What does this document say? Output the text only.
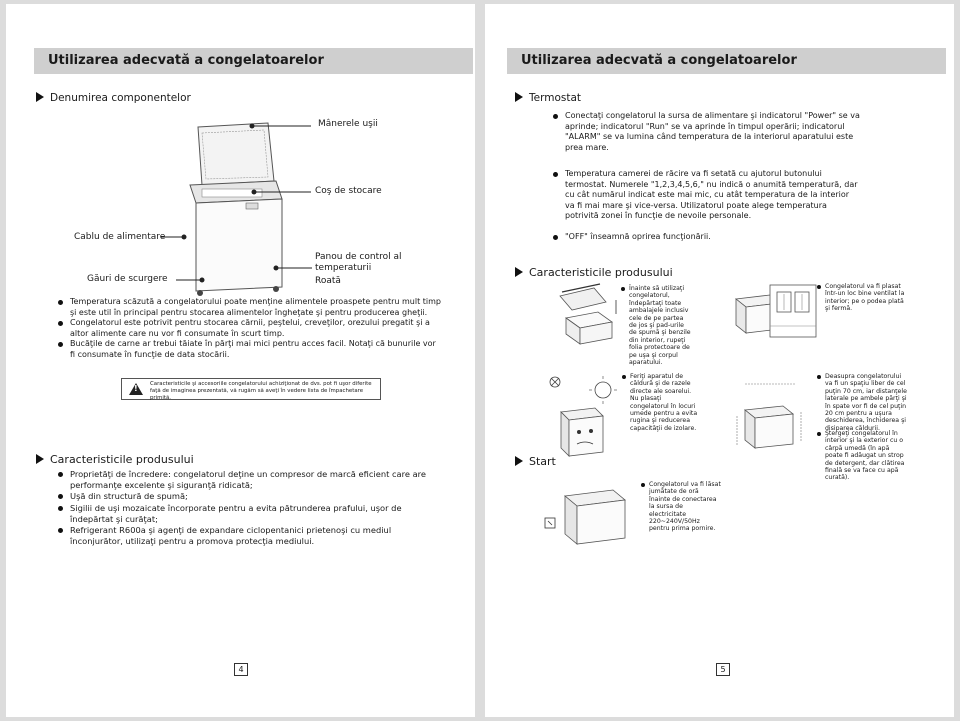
Utilizarea adecvată a congelatoarelor
Denumirea componentelor
Mânerele uşii
Coş de stocare
Cablu de alimentare
Găuri de scurgere
Panou de control al temperaturii
Roată
Temperatura scăzută a congelatorului poate menţine alimentele proaspete pentru mult timp şi este util în principal pentru stocarea alimentelor îngheţate şi pentru producerea gheţii.
Congelatorul este potrivit pentru stocarea cărnii, peştelui, creveţilor, orezului pregatit şi a altor alimente care nu vor fi consumate în scurt timp.
Bucăţile de carne ar trebui tăiate în părţi mai mici pentru acces facil. Notaţi că bunurile vor fi consumate în funcţie de data stocării.
!
Caracteristicile şi accesoriile congelatorului achiziţionat de dvs. pot fi uşor diferite faţă de imaginea prezentată, vă rugăm să aveţi în vedere lista de împachetare primită.
Caracteristicile produsului
Proprietăţi de încredere: congelatorul deţine un compresor de marcă eficient care are performanţe excelente şi siguranţă ridicată;
Uşă din structură de spumă;
Sigilii de uşi mozaicate încorporate pentru a evita pătrunderea prafului, uşor de îndepărtat şi curăţat;
Refrigerant R600a şi agenţi de expandare ciclopentanici prietenoşi cu mediul înconjurător, utilizaţi pentru a promova protecţia mediului.
4
Utilizarea adecvată a congelatoarelor
Termostat
Conectaţi congelatorul la sursa de alimentare şi indicatorul "Power" se va aprinde; indicatorul "Run" se va aprinde în timpul operării; indicatorul "ALARM" se va lumina când temperatura de la interiorul aparatului este prea mare.
Temperatura camerei de răcire va fi setată cu ajutorul butonului termostat. Numerele "1,2,3,4,5,6," nu indică o anumită temperatură, dar cu cât numărul indicat este mai mic, cu atât temperatura de la interior va fi mai mare şi vice-versa. Utilizatorul poate alege temperatura potrivită zonei în funcţie de nevoile personale.
"OFF" înseamnă oprirea funcţionării.
Caracteristicile produsului
Înainte să utilizaţi congelatorul, îndepărtaţi toate ambalajele inclusiv cele de pe partea de jos şi pad-urile de spumă şi benzile din interior, rupeţi folia protectoare de pe uşa şi corpul aparatului.
Congelatorul va fi plasat într-un loc bine ventilat la interior; pe o podea plată şi fermă.
Start
Feriţi aparatul de căldură şi de razele directe ale soarelui. Nu plasaţi congelatorul în locuri umede pentru a evita rugina şi reducerea capacităţii de izolare.
Deasupra congelatorului va fi un spaţiu liber de cel puţin 70 cm, iar distanţele laterale pe ambele părţi şi în spate vor fi de cel puţin 20 cm pentru a uşura deschiderea, închiderea şi disiparea căldurii.
Ştergeţi congelatorul în interior şi la exterior cu o cârpă umedă (în apă poate fi adăugat un strop de detergent, dar clătirea finală se va face cu apă curată).
Congelatorul va fi lăsat jumătate de oră înainte de conectarea la sursa de electricitate 220~240V/50Hz pentru prima pornire.
5
